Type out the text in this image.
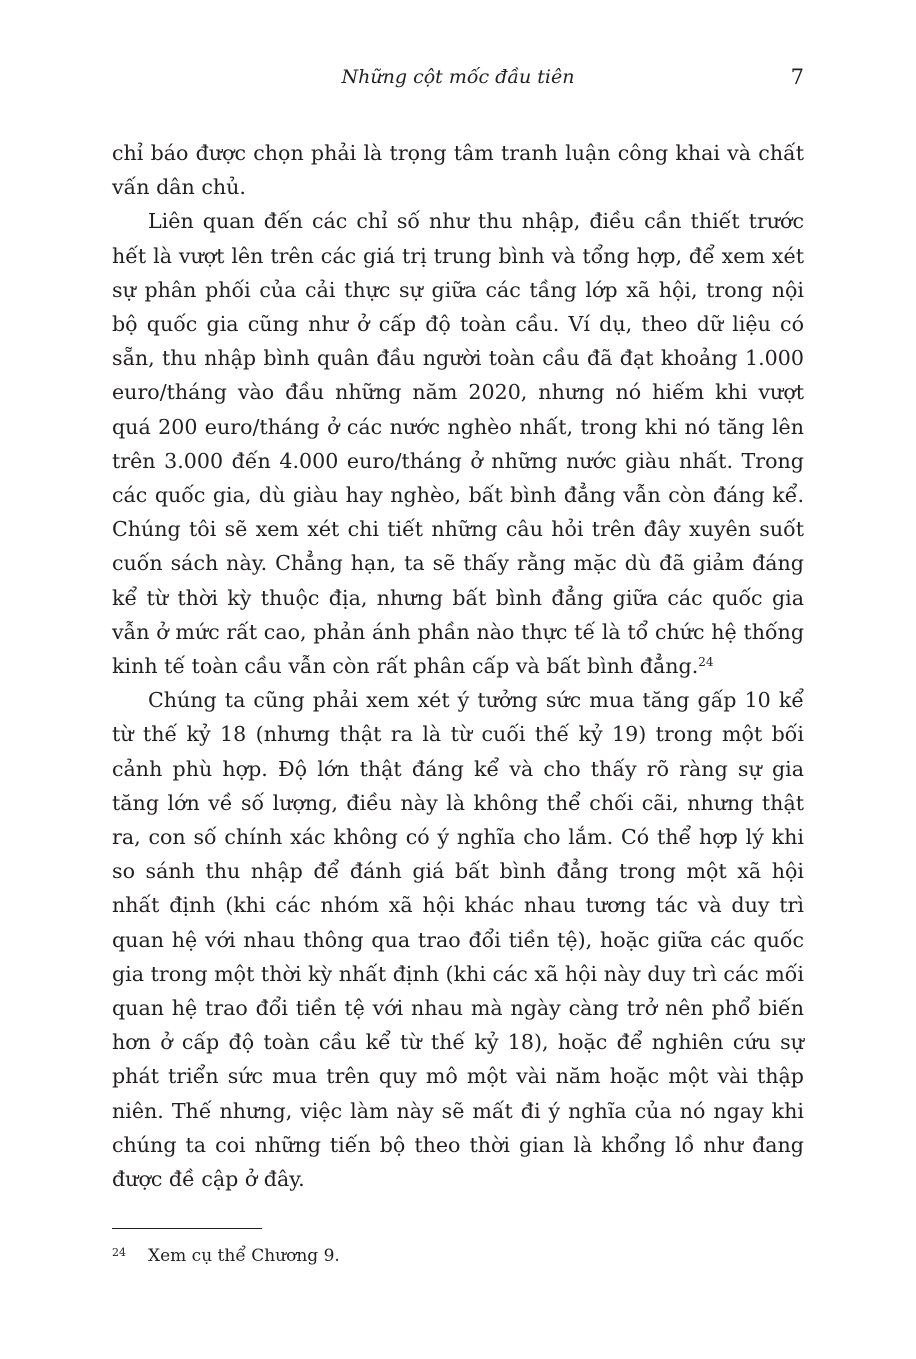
Những cột mốc đầu tiên	7

chỉ báo được chọn phải là trọng tâm tranh luận công khai và chất vấn dân chủ.

Liên quan đến các chỉ số như thu nhập, điều cần thiết trước hết là vượt lên trên các giá trị trung bình và tổng hợp, để xem xét sự phân phối của cải thực sự giữa các tầng lớp xã hội, trong nội bộ quốc gia cũng như ở cấp độ toàn cầu. Ví dụ, theo dữ liệu có sẵn, thu nhập bình quân đầu người toàn cầu đã đạt khoảng 1.000 euro/tháng vào đầu những năm 2020, nhưng nó hiếm khi vượt quá 200 euro/tháng ở các nước nghèo nhất, trong khi nó tăng lên trên 3.000 đến 4.000 euro/tháng ở những nước giàu nhất. Trong các quốc gia, dù giàu hay nghèo, bất bình đẳng vẫn còn đáng kể. Chúng tôi sẽ xem xét chi tiết những câu hỏi trên đây xuyên suốt cuốn sách này. Chẳng hạn, ta sẽ thấy rằng mặc dù đã giảm đáng kể từ thời kỳ thuộc địa, nhưng bất bình đẳng giữa các quốc gia vẫn ở mức rất cao, phản ánh phần nào thực tế là tổ chức hệ thống kinh tế toàn cầu vẫn còn rất phân cấp và bất bình đẳng.$^{24}$

Chúng ta cũng phải xem xét ý tưởng sức mua tăng gấp 10 kể từ thế kỷ 18 (nhưng thật ra là từ cuối thế kỷ 19) trong một bối cảnh phù hợp. Độ lớn thật đáng kể và cho thấy rõ ràng sự gia tăng lớn về số lượng, điều này là không thể chối cãi, nhưng thật ra, con số chính xác không có ý nghĩa cho lắm. Có thể hợp lý khi so sánh thu nhập để đánh giá bất bình đẳng trong một xã hội nhất định (khi các nhóm xã hội khác nhau tương tác và duy trì quan hệ với nhau thông qua trao đổi tiền tệ), hoặc giữa các quốc gia trong một thời kỳ nhất định (khi các xã hội này duy trì các mối quan hệ trao đổi tiền tệ với nhau mà ngày càng trở nên phổ biến hơn ở cấp độ toàn cầu kể từ thế kỷ 18), hoặc để nghiên cứu sự phát triển sức mua trên quy mô một vài năm hoặc một vài thập niên. Thế nhưng, việc làm này sẽ mất đi ý nghĩa của nó ngay khi chúng ta coi những tiến bộ theo thời gian là khổng lồ như đang được đề cập ở đây.

24 Xem cụ thể Chương 9.
